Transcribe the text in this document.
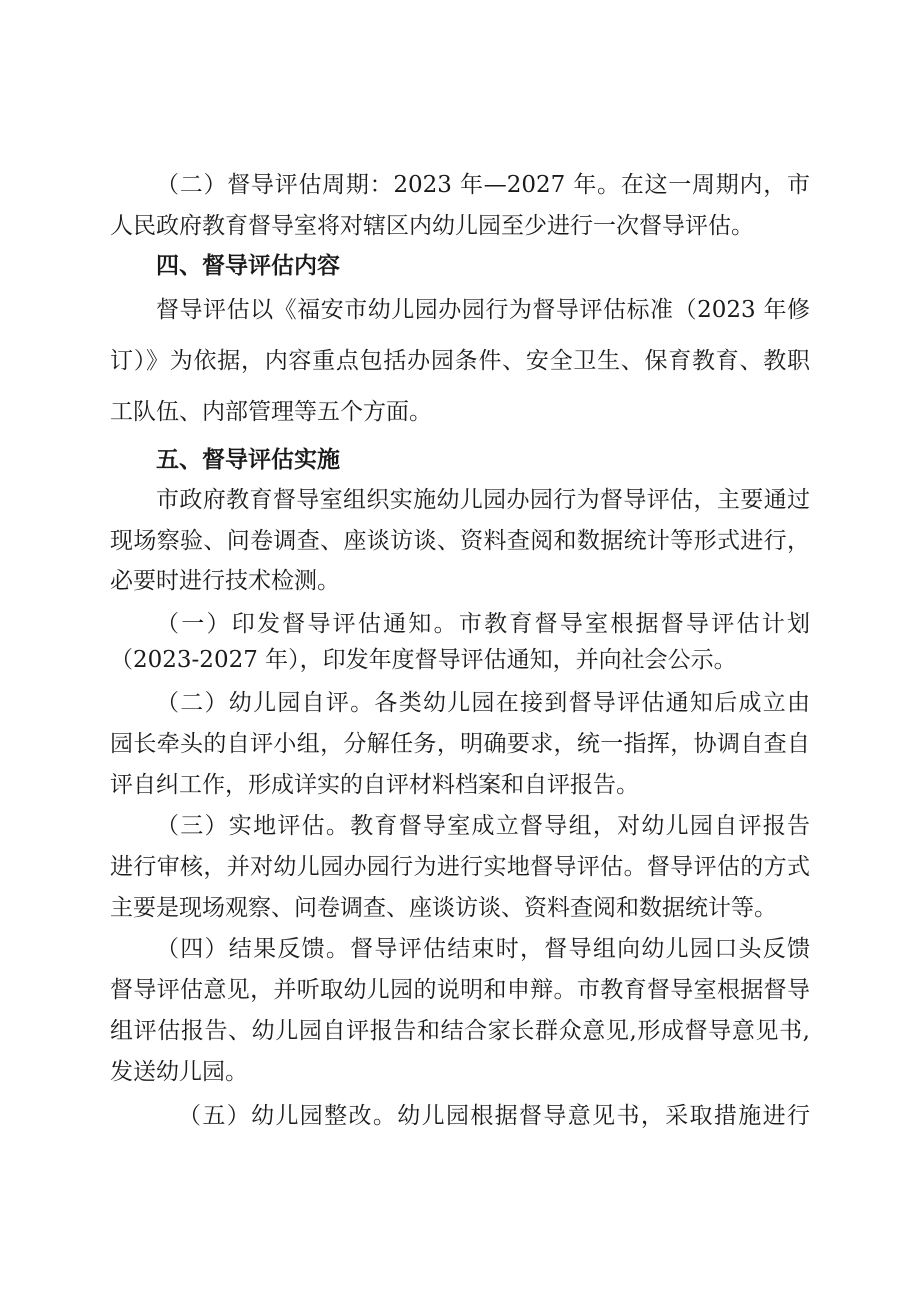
（二）督导评估周期：2023 年—2027 年。在这一周期内，市
人民政府教育督导室将对辖区内幼儿园至少进行一次督导评估。
四、督导评估内容
督导评估以《福安市幼儿园办园行为督导评估标准（2023 年修
订）》为依据，内容重点包括办园条件、安全卫生、保育教育、教职
工队伍、内部管理等五个方面。
五、督导评估实施
市政府教育督导室组织实施幼儿园办园行为督导评估，主要通过
现场察验、问卷调查、座谈访谈、资料查阅和数据统计等形式进行，
必要时进行技术检测。
（一）印发督导评估通知。市教育督导室根据督导评估计划
（2023-2027 年），印发年度督导评估通知，并向社会公示。
（二）幼儿园自评。各类幼儿园在接到督导评估通知后成立由
园长牵头的自评小组，分解任务，明确要求，统一指挥，协调自查自
评自纠工作，形成详实的自评材料档案和自评报告。
（三）实地评估。教育督导室成立督导组，对幼儿园自评报告
进行审核，并对幼儿园办园行为进行实地督导评估。督导评估的方式
主要是现场观察、问卷调查、座谈访谈、资料查阅和数据统计等。
（四）结果反馈。督导评估结束时，督导组向幼儿园口头反馈
督导评估意见，并听取幼儿园的说明和申辩。市教育督导室根据督导
组评估报告、幼儿园自评报告和结合家长群众意见,形成督导意见书,
发送幼儿园。
（五）幼儿园整改。幼儿园根据督导意见书，采取措施进行
